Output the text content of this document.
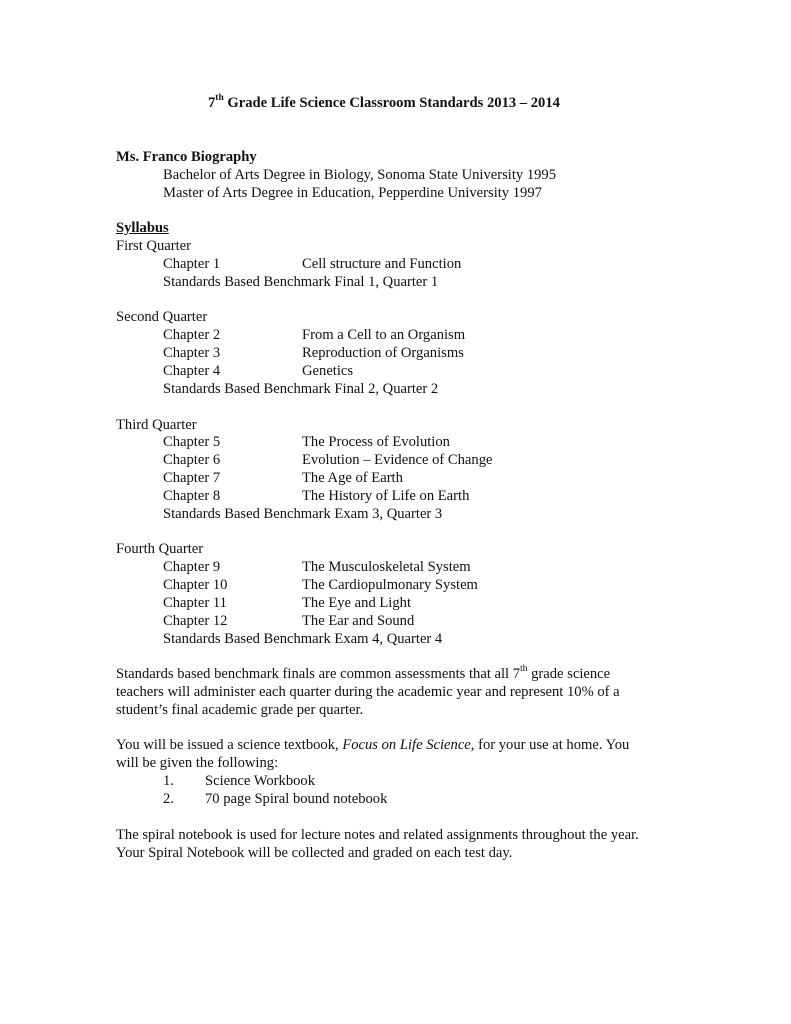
7th Grade Life Science Classroom Standards 2013 – 2014
Ms. Franco Biography
Bachelor of Arts Degree in Biology, Sonoma State University 1995
Master of Arts Degree in Education, Pepperdine University 1997
Syllabus
First Quarter
Chapter 1	Cell structure and Function
Standards Based Benchmark Final 1, Quarter 1
Second Quarter
Chapter 2	From a Cell to an Organism
Chapter 3	Reproduction of Organisms
Chapter 4	Genetics
Standards Based Benchmark Final 2, Quarter 2
Third Quarter
Chapter 5	The Process of Evolution
Chapter 6	Evolution – Evidence of Change
Chapter 7	The Age of Earth
Chapter 8	The History of Life on Earth
Standards Based Benchmark Exam 3, Quarter 3
Fourth Quarter
Chapter 9	The Musculoskeletal System
Chapter 10	The Cardiopulmonary System
Chapter 11	The Eye and Light
Chapter 12	The Ear and Sound
Standards Based Benchmark Exam 4, Quarter 4
Standards based benchmark finals are common assessments that all 7th grade science
teachers will administer each quarter during the academic year and represent 10% of a
student’s final academic grade per quarter.
You will be issued a science textbook, Focus on Life Science, for your use at home. You
will be given the following:
1. Science Workbook
2. 70 page Spiral bound notebook
The spiral notebook is used for lecture notes and related assignments throughout the year.
Your Spiral Notebook will be collected and graded on each test day.
